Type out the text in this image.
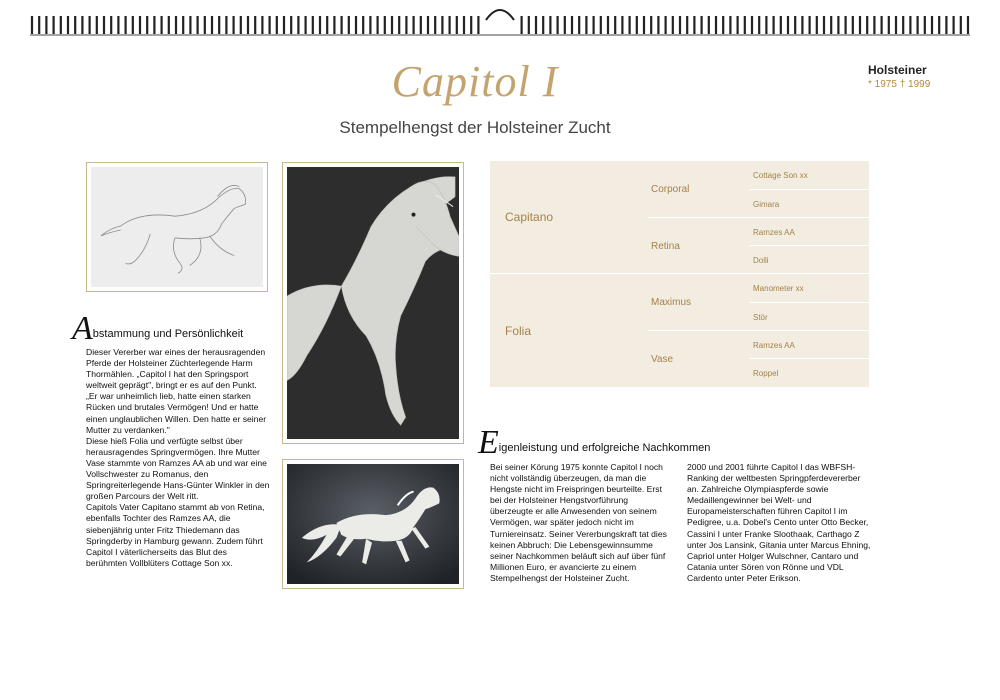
Capitol I
Stempelhengst der Holsteiner Zucht
Holsteiner
* 1975 † 1999
A bstammung und Persönlichkeit

Dieser Vererber war eines der herausragenden Pferde der Holsteiner Züchterlegende Harm Thormählen. „Capitol I hat den Springsport weltweit geprägt", bringt er es auf den Punkt. „Er war unheimlich lieb, hatte einen starken Rücken und brutales Vermögen! Und er hatte einen unglaublichen Willen. Den hatte er seiner Mutter zu verdanken."

Diese hieß Folia und verfügte selbst über herausragendes Springvermögen. Ihre Mutter Vase stammte von Ramzes AA ab und war eine Vollschwester zu Romanus, den Springreiterlegende Hans-Günter Winkler in den großen Parcours der Welt ritt.

Capitols Vater Capitano stammt ab von Retina, ebenfalls Tochter des Ramzes AA, die siebenjährig unter Fritz Thiedemann das Springderby in Hamburg gewann. Zudem führt Capitol I väterlicherseits das Blut des berühmten Vollblüters Cottage Son xx.

Capitano
Folia
Corporal
Retina
Maximus
Vase
Cottage Son xx
Gimara
Ramzes AA
Dolli
Manometer xx
Stör
Ramzes AA
Roppel
E igenleistung und erfolgreiche Nachkommen

Bei seiner Körung 1975 konnte Capitol I noch nicht vollständig überzeugen, da man die Hengste nicht im Freispringen beurteilte. Erst bei der Holsteiner Hengstvorführung überzeugte er alle Anwesenden von seinem Vermögen, war später jedoch nicht im Turniereinsatz. Seiner Vererbungskraft tat dies keinen Abbruch: Die Lebensgewinnsumme seiner Nachkommen beläuft sich auf über fünf Millionen Euro, er avancierte zu einem Stempelhengst der Holsteiner Zucht.

2000 und 2001 führte Capitol I das WBFSH-Ranking der weltbesten Springpferdevererber an. Zahlreiche Olympiaspferde sowie Medaillengewinner bei Welt- und Europameisterschaften führen Capitol I im Pedigree, u.a. Dobel's Cento unter Otto Becker, Cassini I unter Franke Sloothaak, Carthago Z unter Jos Lansink, Gitania unter Marcus Ehning, Capriol unter Holger Wulschner, Cantaro und Catania unter Sören von Rönne und VDL Cardento unter Peter Erikson.
